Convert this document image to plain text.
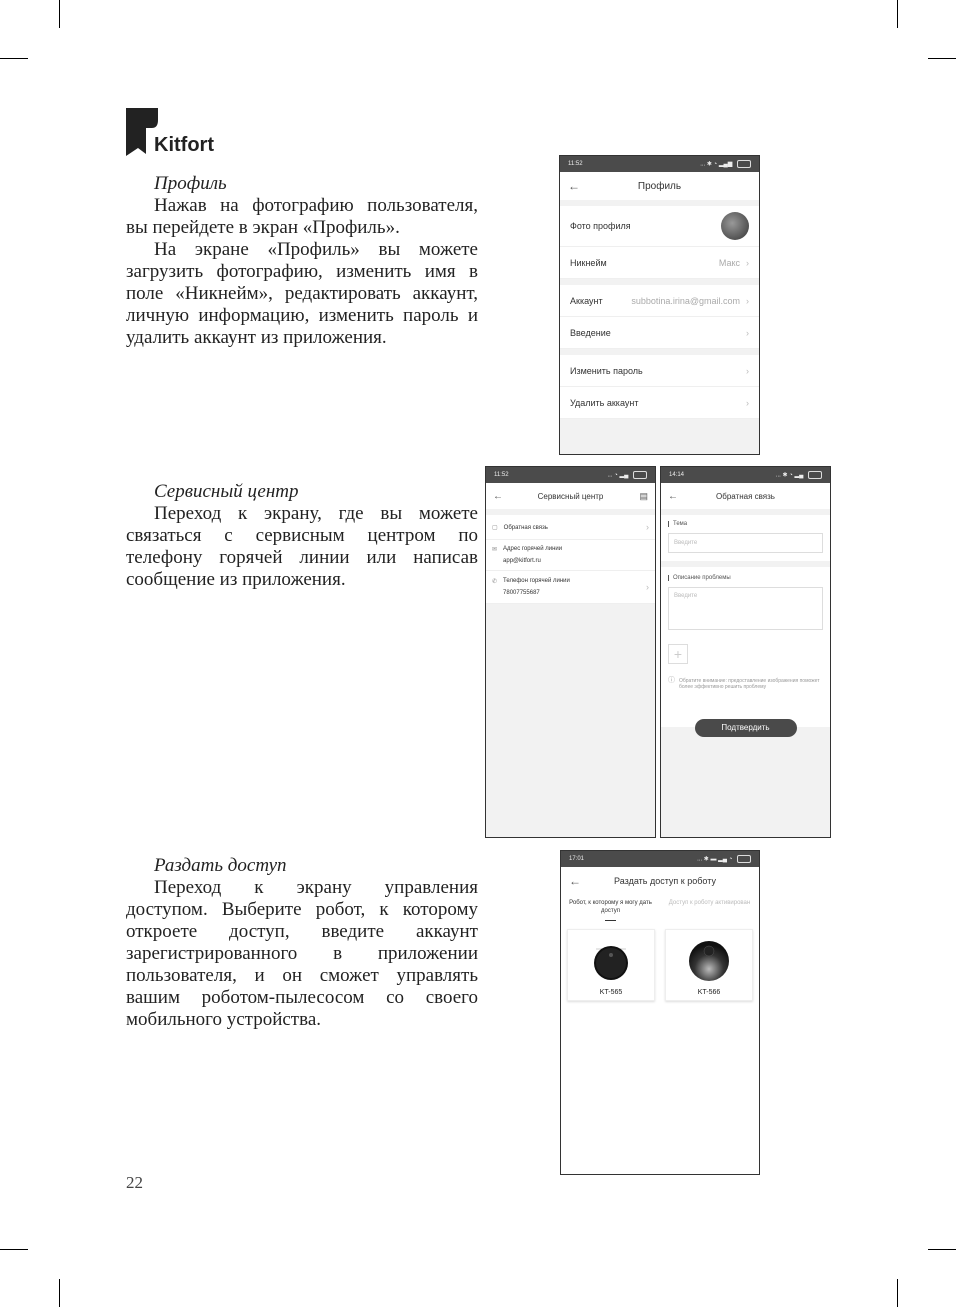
Kitfort
Профиль

Нажав на фотографию пользователя, вы перейдете в экран «Профиль».

На экране «Профиль» вы можете загрузить фотографию, изменить имя в поле «Никнейм», редактировать аккаунт, личную информацию, изменить пароль и удалить аккаунт из приложения.

Сервисный центр

Переход к экрану, где вы можете связаться с сервисным центром по телефону горячей линии или написав сообщение из приложения.

Раздать доступ

Переход к экрану управления доступом. Выберите робот, к которому откроете доступ, введите аккаунт зарегистрированного в приложении пользователя, и он сможет управлять вашим роботом-пылесосом со своего мобильного устройства.

22
11:52	... ✱ ◔ ▂▄▆
←	Профиль
Фото профиля
Никнейм	Макс ›
Аккаунт	subbotina.irina@gmail.com ›
Введение	›
Изменить пароль	›
Удалить аккаунт	›
11:52	... ◔ ▂▄
←	Сервисный центр	▤
▢ Обратная связь	›
✉ Адрес горячей линии
app@kitfort.ru
✆ Телефон горячей линии
78007755687
›
14:14	... ✱ ◔ ▂▄
←	Обратная связь
Тема
Введите
Описание проблемы
Введите
+
ⓘ Обратите внимание: предоставление изображения поможет более эффективно решить проблему
Подтвердить
17:01	... ✱ ▬ ▂▄ ◔
←	Раздать доступ к роботу
Робот, к которому я могу дать доступ
Доступ к роботу активирован
KT-565	KT-566
